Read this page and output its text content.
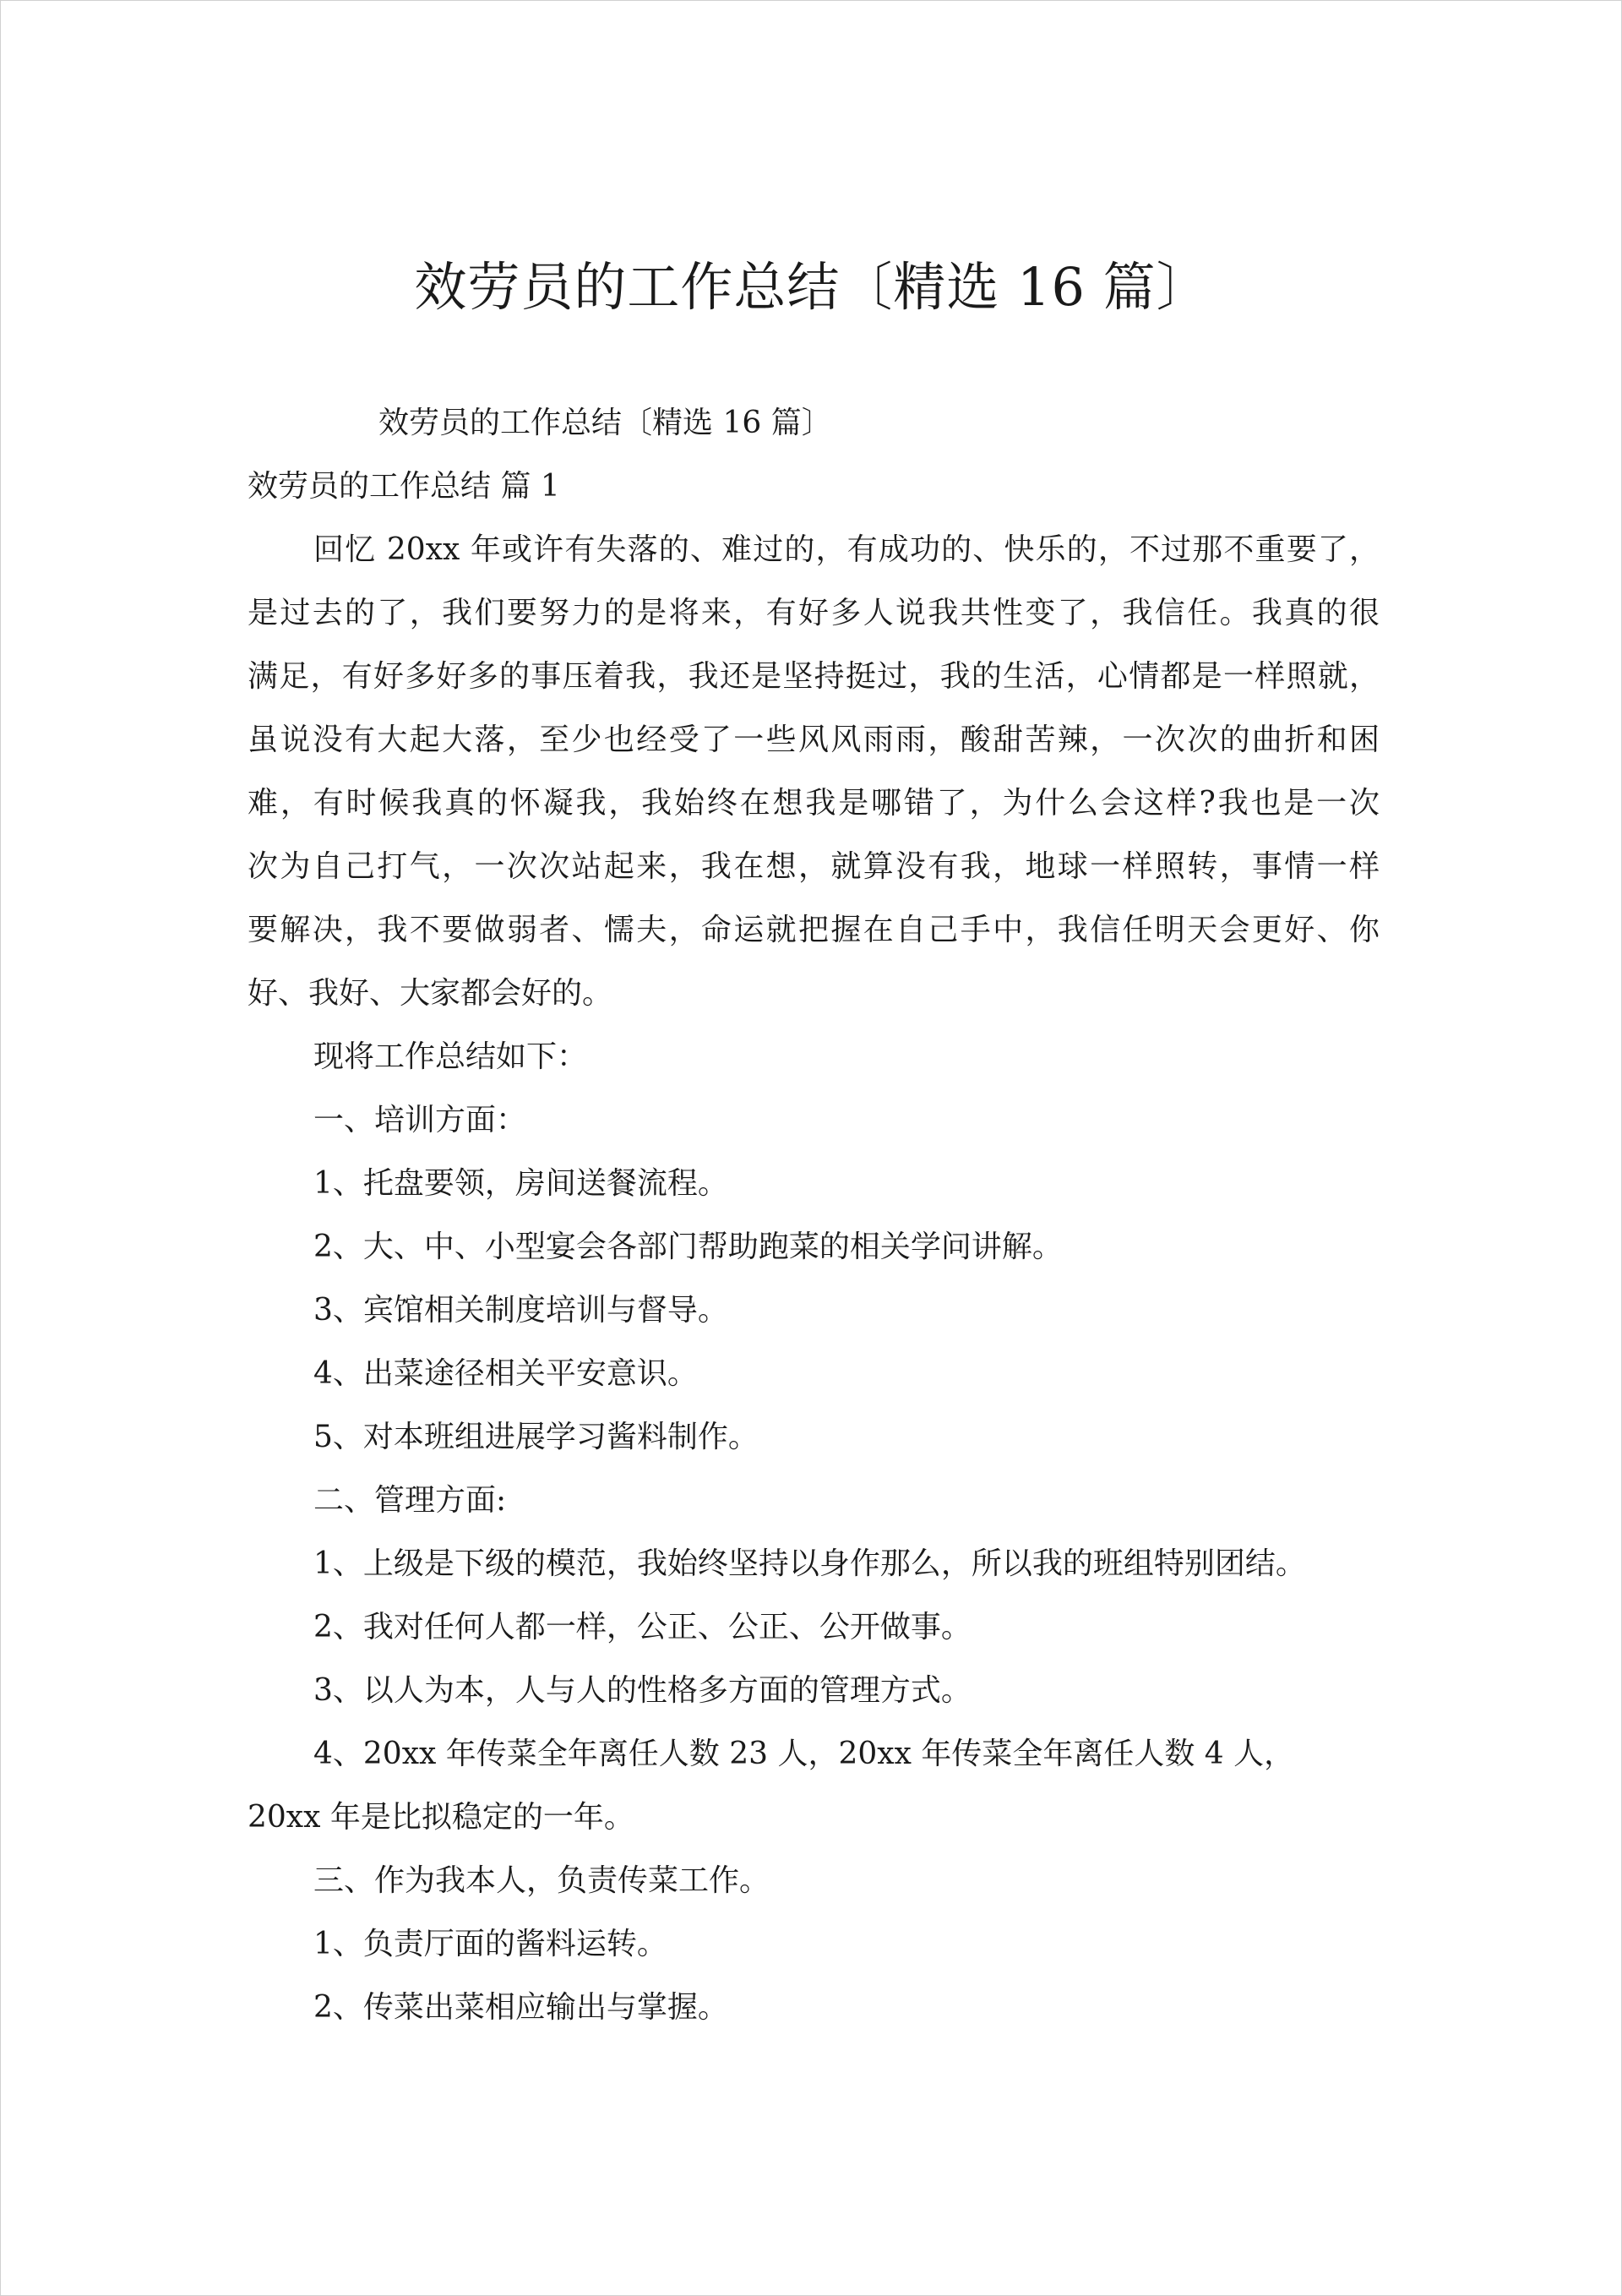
效劳员的工作总结〔精选 16 篇〕
效劳员的工作总结〔精选 16 篇〕
效劳员的工作总结 篇 1
回忆 20xx 年或许有失落的、难过的，有成功的、快乐的，不过那不重要了，
是过去的了，我们要努力的是将来，有好多人说我共性变了，我信任。我真的很
满足，有好多好多的事压着我，我还是坚持挺过，我的生活，心情都是一样照就，
虽说没有大起大落，至少也经受了一些风风雨雨，酸甜苦辣，一次次的曲折和困
难，有时候我真的怀凝我，我始终在想我是哪错了，为什么会这样?我也是一次
次为自己打气，一次次站起来，我在想，就算没有我，地球一样照转，事情一样
要解决，我不要做弱者、懦夫，命运就把握在自己手中，我信任明天会更好、你
好、我好、大家都会好的。
现将工作总结如下：
一、培训方面：
1、托盘要领，房间送餐流程。
2、大、中、小型宴会各部门帮助跑菜的相关学问讲解。
3、宾馆相关制度培训与督导。
4、出菜途径相关平安意识。
5、对本班组进展学习酱料制作。
二、管理方面:
1、上级是下级的模范，我始终坚持以身作那么，所以我的班组特别团结。
2、我对任何人都一样，公正、公正、公开做事。
3、以人为本，人与人的性格多方面的管理方式。
4、20xx 年传菜全年离任人数 23 人，20xx 年传菜全年离任人数 4 人，
20xx 年是比拟稳定的一年。
三、作为我本人，负责传菜工作。
1、负责厅面的酱料运转。
2、传菜出菜相应输出与掌握。
